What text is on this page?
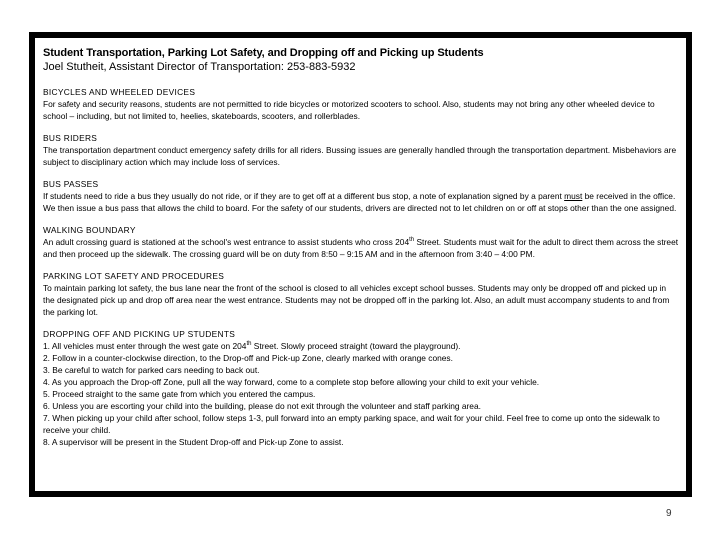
Student Transportation, Parking Lot Safety, and Dropping off and Picking up Students
Joel Stutheit, Assistant Director of Transportation: 253-883-5932
BICYCLES AND WHEELED DEVICES
For safety and security reasons, students are not permitted to ride bicycles or motorized scooters to school. Also, students may not bring any other wheeled device to school – including, but not limited to, heelies, skateboards, scooters, and rollerblades.
BUS RIDERS
The transportation department conduct emergency safety drills for all riders. Bussing issues are generally handled through the transportation department. Misbehaviors are subject to disciplinary action which may include loss of services.
BUS PASSES
If students need to ride a bus they usually do not ride, or if they are to get off at a different bus stop, a note of explanation signed by a parent must be received in the office. We then issue a bus pass that allows the child to board. For the safety of our students, drivers are directed not to let children on or off at stops other than the one assigned.
WALKING BOUNDARY
An adult crossing guard is stationed at the school's west entrance to assist students who cross 204th Street. Students must wait for the adult to direct them across the street and then proceed up the sidewalk. The crossing guard will be on duty from 8:50 – 9:15 AM and in the afternoon from 3:40 – 4:00 PM.
PARKING LOT SAFETY AND PROCEDURES
To maintain parking lot safety, the bus lane near the front of the school is closed to all vehicles except school busses. Students may only be dropped off and picked up in the designated pick up and drop off area near the west entrance. Students may not be dropped off in the parking lot. Also, an adult must accompany students to and from the parking lot.
DROPPING OFF AND PICKING UP STUDENTS

1. All vehicles must enter through the west gate on 204th Street. Slowly proceed straight (toward the playground).

2. Follow in a counter-clockwise direction, to the Drop-off and Pick-up Zone, clearly marked with orange cones.

3. Be careful to watch for parked cars needing to back out.

4. As you approach the Drop-off Zone, pull all the way forward, come to a complete stop before allowing your child to exit your vehicle.

5. Proceed straight to the same gate from which you entered the campus.

6. Unless you are escorting your child into the building, please do not exit through the volunteer and staff parking area.

7. When picking up your child after school, follow steps 1-3, pull forward into an empty parking space, and wait for your child. Feel free to come up onto the sidewalk to receive your child.

8. A supervisor will be present in the Student Drop-off and Pick-up Zone to assist.

9
